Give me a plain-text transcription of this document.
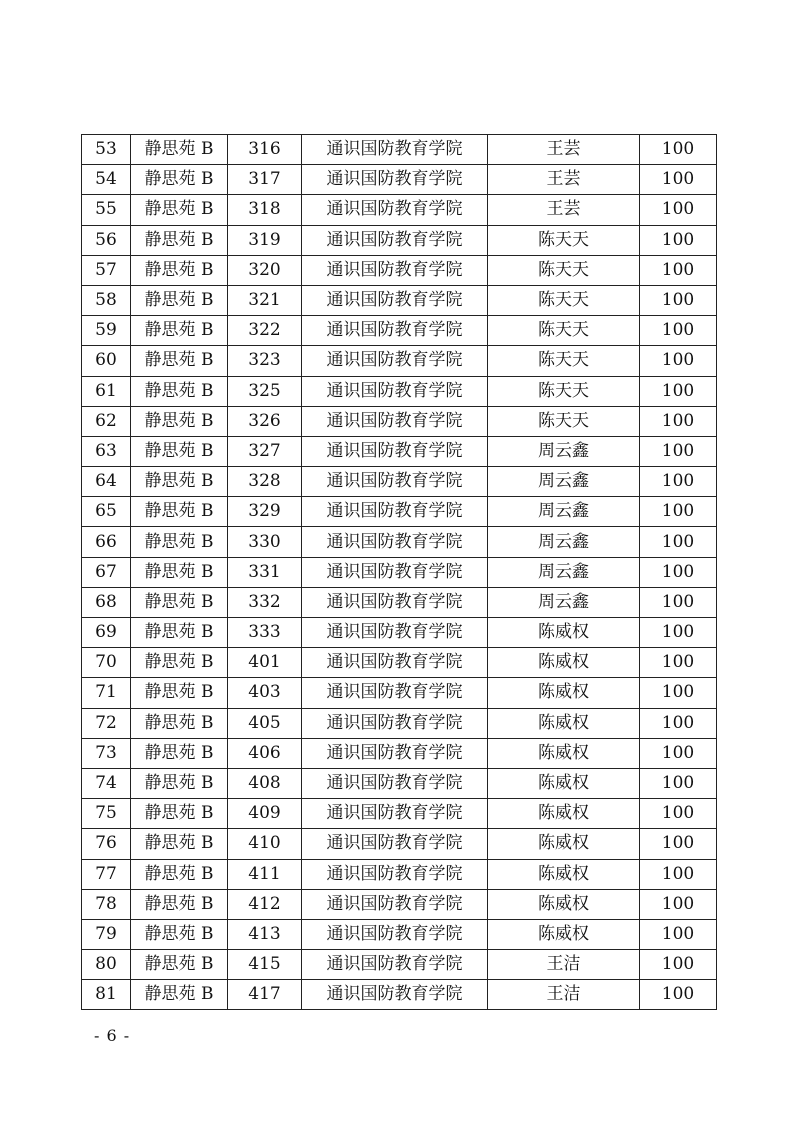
53	静思苑 B	316	通识国防教育学院	王芸	100
54	静思苑 B	317	通识国防教育学院	王芸	100
55	静思苑 B	318	通识国防教育学院	王芸	100
56	静思苑 B	319	通识国防教育学院	陈天天	100
57	静思苑 B	320	通识国防教育学院	陈天天	100
58	静思苑 B	321	通识国防教育学院	陈天天	100
59	静思苑 B	322	通识国防教育学院	陈天天	100
60	静思苑 B	323	通识国防教育学院	陈天天	100
61	静思苑 B	325	通识国防教育学院	陈天天	100
62	静思苑 B	326	通识国防教育学院	陈天天	100
63	静思苑 B	327	通识国防教育学院	周云鑫	100
64	静思苑 B	328	通识国防教育学院	周云鑫	100
65	静思苑 B	329	通识国防教育学院	周云鑫	100
66	静思苑 B	330	通识国防教育学院	周云鑫	100
67	静思苑 B	331	通识国防教育学院	周云鑫	100
68	静思苑 B	332	通识国防教育学院	周云鑫	100
69	静思苑 B	333	通识国防教育学院	陈威权	100
70	静思苑 B	401	通识国防教育学院	陈威权	100
71	静思苑 B	403	通识国防教育学院	陈威权	100
72	静思苑 B	405	通识国防教育学院	陈威权	100
73	静思苑 B	406	通识国防教育学院	陈威权	100
74	静思苑 B	408	通识国防教育学院	陈威权	100
75	静思苑 B	409	通识国防教育学院	陈威权	100
76	静思苑 B	410	通识国防教育学院	陈威权	100
77	静思苑 B	411	通识国防教育学院	陈威权	100
78	静思苑 B	412	通识国防教育学院	陈威权	100
79	静思苑 B	413	通识国防教育学院	陈威权	100
80	静思苑 B	415	通识国防教育学院	王洁	100
81	静思苑 B	417	通识国防教育学院	王洁	100
- 6 -
